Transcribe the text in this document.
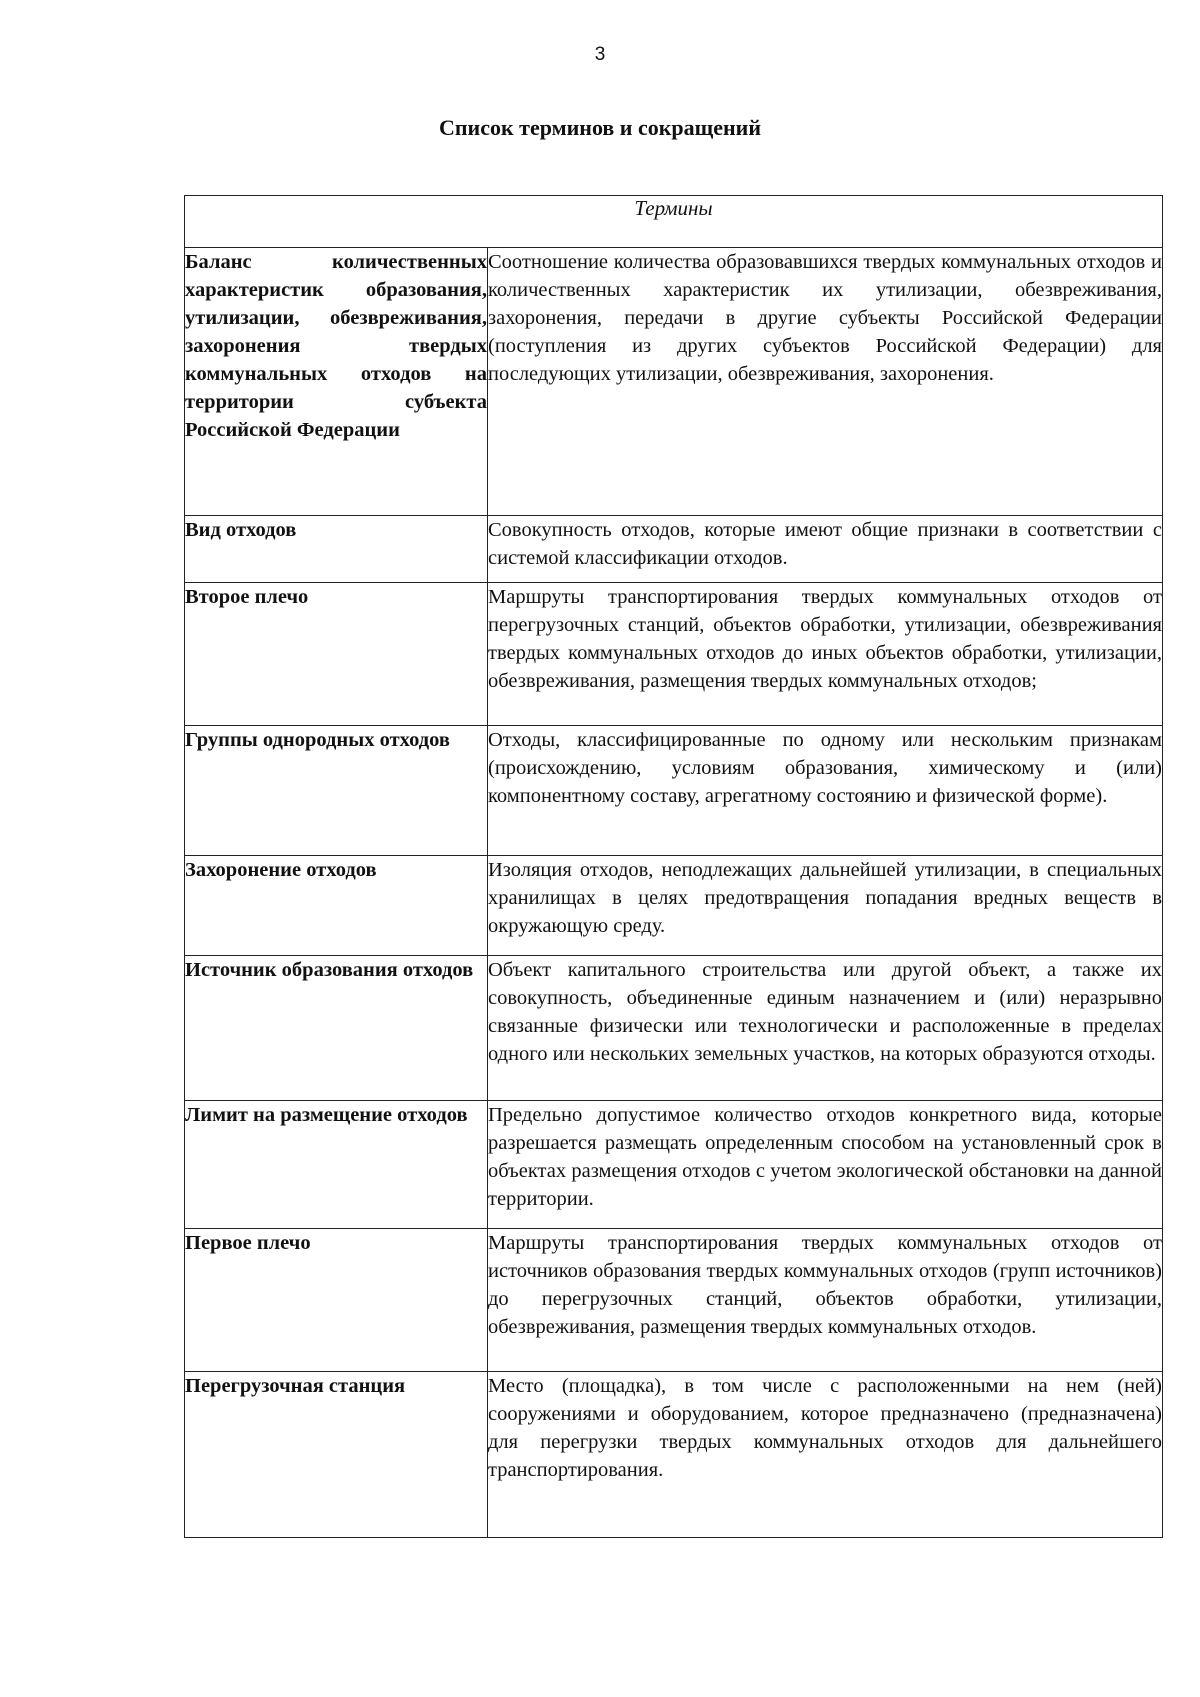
3
Список терминов и сокращений
Термины	
Баланс количественных характеристик образования, утилизации, обезвреживания, захоронения твердых коммунальных отходов на территории субъекта Российской Федерации	Соотношение количества образовавшихся твердых коммунальных отходов и количественных характеристик их утилизации, обезвреживания, захоронения, передачи в другие субъекты Российской Федерации (поступления из других субъектов Российской Федерации) для последующих утилизации, обезвреживания, захоронения.
Вид отходов	Совокупность отходов, которые имеют общие признаки в соответствии с системой классификации отходов.
Второе плечо	Маршруты транспортирования твердых коммунальных отходов от перегрузочных станций, объектов обработки, утилизации, обезвреживания твердых коммунальных отходов до иных объектов обработки, утилизации, обезвреживания, размещения твердых коммунальных отходов;
Группы однородных отходов	Отходы, классифицированные по одному или нескольким признакам (происхождению, условиям образования, химическому и (или) компонентному составу, агрегатному состоянию и физической форме).
Захоронение отходов	Изоляция отходов, неподлежащих дальнейшей утилизации, в специальных хранилищах в целях предотвращения попадания вредных веществ в окружающую среду.
Источник образования отходов	Объект капитального строительства или другой объект, а также их совокупность, объединенные единым назначением и (или) неразрывно связанные физически или технологически и расположенные в пределах одного или нескольких земельных участков, на которых образуются отходы.
Лимит на размещение отходов	Предельно допустимое количество отходов конкретного вида, которые разрешается размещать определенным способом на установленный срок в объектах размещения отходов с учетом экологической обстановки на данной территории.
Первое плечо	Маршруты транспортирования твердых коммунальных отходов от источников образования твердых коммунальных отходов (групп источников) до перегрузочных станций, объектов обработки, утилизации, обезвреживания, размещения твердых коммунальных отходов.
Перегрузочная станция	Место (площадка), в том числе с расположенными на нем (ней) сооружениями и оборудованием, которое предназначено (предназначена) для перегрузки твердых коммунальных отходов для дальнейшего транспортирования.
